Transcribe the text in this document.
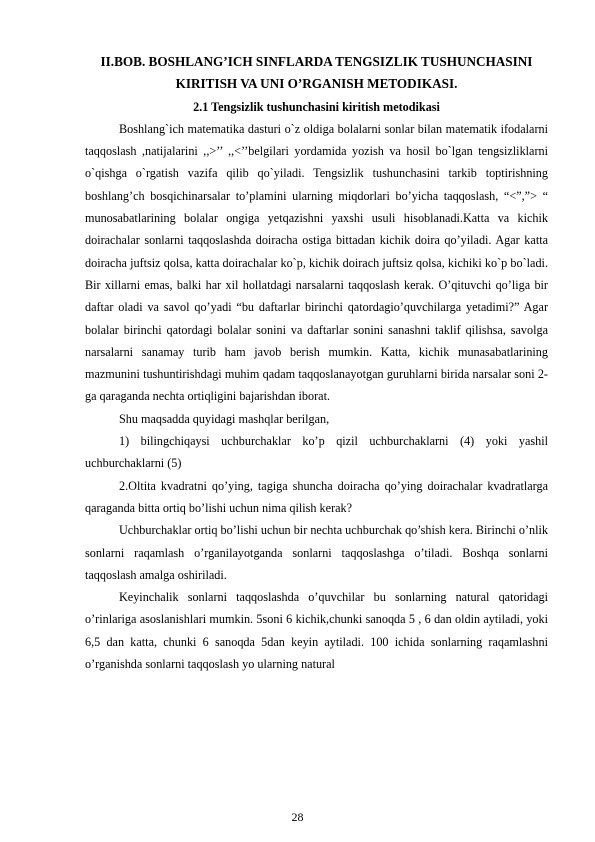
II.BOB. BOSHLANG’ICH SINFLARDA TENGSIZLIK TUSHUNCHASINI KIRITISH VA UNI O’RGANISH METODIKASI.

2.1 Tengsizlik tushunchasini kiritish metodikasi

Boshlang`ich matematika dasturi o`z oldiga bolalarni sonlar bilan matematik ifodalarni taqqoslash ,natijalarini ,,>’’ ,,<’’belgilari yordamida yozish va hosil bo`lgan tengsizliklarni o`qishga o`rgatish vazifa qilib qo`yiladi. Tengsizlik tushunchasini tarkib toptirishning boshlang’ch bosqichinarsalar to’plamini ularning miqdorlari bo’yicha taqqoslash, “<”,”> “ munosabatlarining bolalar ongiga yetqazishni yaxshi usuli hisoblanadi.Katta va kichik doirachalar sonlarni taqqoslashda doiracha ostiga bittadan kichik doira qo’yiladi. Agar katta doiracha juftsiz qolsa, katta doirachalar ko`p, kichik doirach juftsiz qolsa, kichiki ko`p bo`ladi. Bir xillarni emas, balki har xil hollatdagi narsalarni taqqoslash kerak. O’qituvchi qo’liga bir daftar oladi va savol qo’yadi “bu daftarlar birinchi qatordagio’quvchilarga yetadimi?” Agar bolalar birinchi qatordagi bolalar sonini va daftarlar sonini sanashni taklif qilishsa, savolga narsalarni sanamay turib ham javob berish mumkin. Katta, kichik munasabatlarining mazmunini tushuntirishdagi muhim qadam taqqoslanayotgan guruhlarni birida narsalar soni 2-ga qaraganda nechta ortiqligini bajarishdan iborat.

Shu maqsadda quyidagi mashqlar berilgan,

1) bilingchiqaysi uchburchaklar ko’p qizil uchburchaklarni (4) yoki yashil uchburchaklarni (5)

2.Oltita kvadratni qo’ying, tagiga shuncha doiracha qo’ying doirachalar kvadratlarga qaraganda bitta ortiq bo’lishi uchun nima qilish kerak?

Uchburchaklar ortiq bo’lishi uchun bir nechta uchburchak qo’shish kera. Birinchi o’nlik sonlarni raqamlash o’rganilayotganda sonlarni taqqoslashga o’tiladi. Boshqa sonlarni taqqoslash amalga oshiriladi.

Keyinchalik sonlarni taqqoslashda o’quvchilar bu sonlarning natural qatoridagi o’rinlariga asoslanishlari mumkin. 5soni 6 kichik,chunki sanoqda 5 , 6 dan oldin aytiladi, yoki 6,5 dan katta, chunki 6 sanoqda 5dan keyin aytiladi. 100 ichida sonlarning raqamlashni o’rganishda sonlarni taqqoslash yo ularning natural

28
